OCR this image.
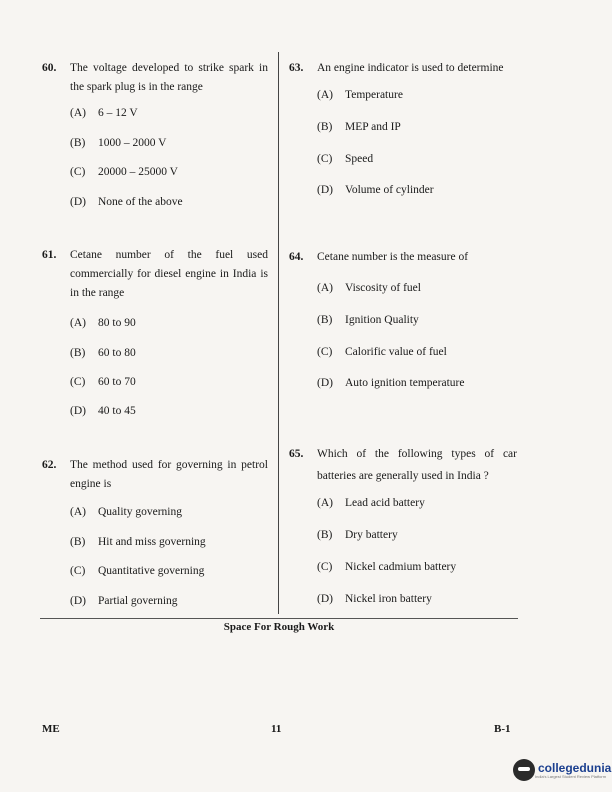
60.	The voltage developed to strike spark in the spark plug is in the range
(A) 6 – 12 V
(B) 1000 – 2000 V
(C) 20000 – 25000 V
(D) None of the above
61.	Cetane number of the fuel used commercially for diesel engine in India is in the range
(A) 80 to 90
(B) 60 to 80
(C) 60 to 70
(D) 40 to 45
62.	The method used for governing in petrol engine is
(A) Quality governing
(B) Hit and miss governing
(C) Quantitative governing
(D) Partial governing
63.	An engine indicator is used to determine
(A) Temperature
(B) MEP and IP
(C) Speed
(D) Volume of cylinder
64.	Cetane number is the measure of
(A) Viscosity of fuel
(B) Ignition Quality
(C) Calorific value of fuel
(D) Auto ignition temperature
65.	Which of the following types of car batteries are generally used in India ?
(A) Lead acid battery
(B) Dry battery
(C) Nickel cadmium battery
(D) Nickel iron battery
Space For Rough Work
ME	11	B-1
collegedunia
India's Largest Student Review Platform
